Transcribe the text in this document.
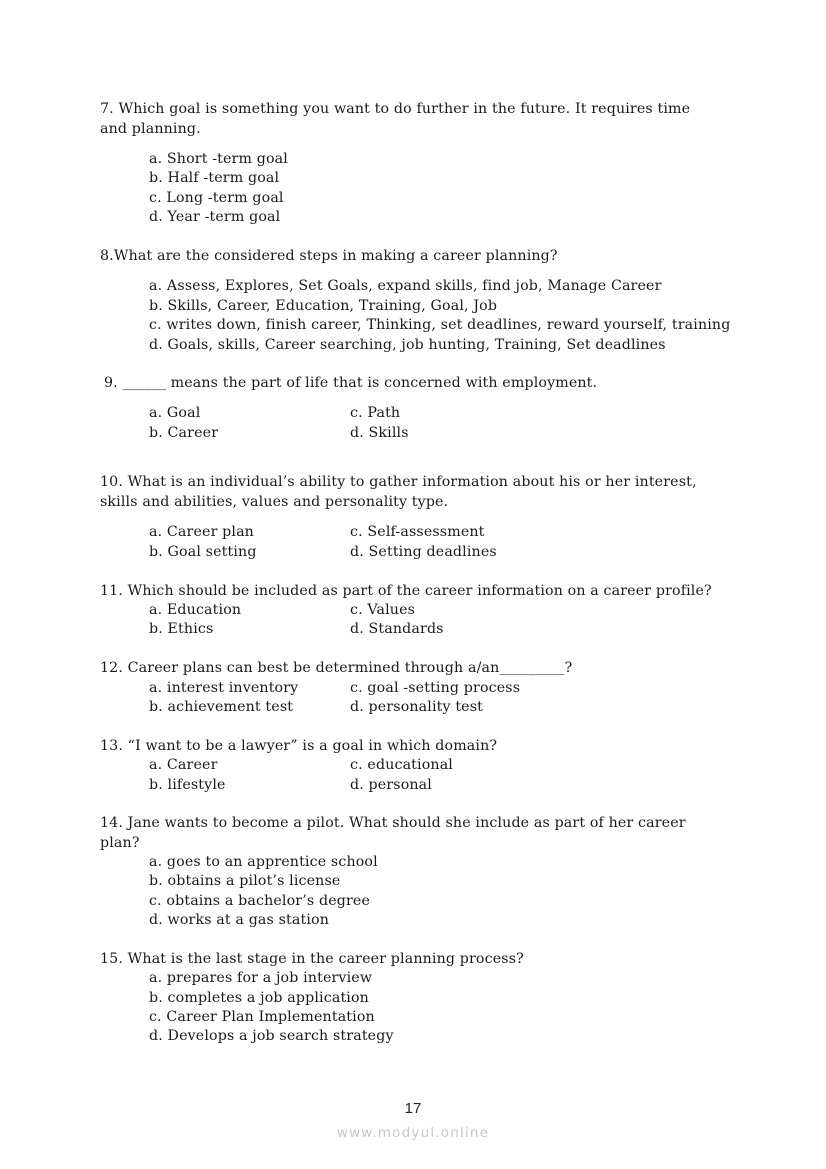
7. Which goal is something you want to do further in the future. It requires time
and planning.
a. Short -term goal
b. Half -term goal
c. Long -term goal
d. Year -term goal
8.What are the considered steps in making a career planning?
a. Assess, Explores, Set Goals, expand skills, find job, Manage Career
b. Skills, Career, Education, Training, Goal, Job
c. writes down, finish career, Thinking, set deadlines, reward yourself, training
d. Goals, skills, Career searching, job hunting, Training, Set deadlines
9. ______ means the part of life that is concerned with employment.
a. Goal	c. Path
b. Career	d. Skills
10. What is an individual’s ability to gather information about his or her interest,
skills and abilities, values and personality type.
a. Career plan	c. Self-assessment
b. Goal setting	d. Setting deadlines
11. Which should be included as part of the career information on a career profile?
a. Education	c. Values
b. Ethics	d. Standards
12. Career plans can best be determined through a/an_________?
a. interest inventory	c. goal -setting process
b. achievement test	d. personality test
13. “I want to be a lawyer” is a goal in which domain?
a. Career	c. educational
b. lifestyle	d. personal
14. Jane wants to become a pilot. What should she include as part of her career
plan?
a. goes to an apprentice school
b. obtains a pilot’s license
c. obtains a bachelor’s degree
d. works at a gas station
15. What is the last stage in the career planning process?
a. prepares for a job interview
b. completes a job application
c. Career Plan Implementation
d. Develops a job search strategy
17
www.modyul.online
